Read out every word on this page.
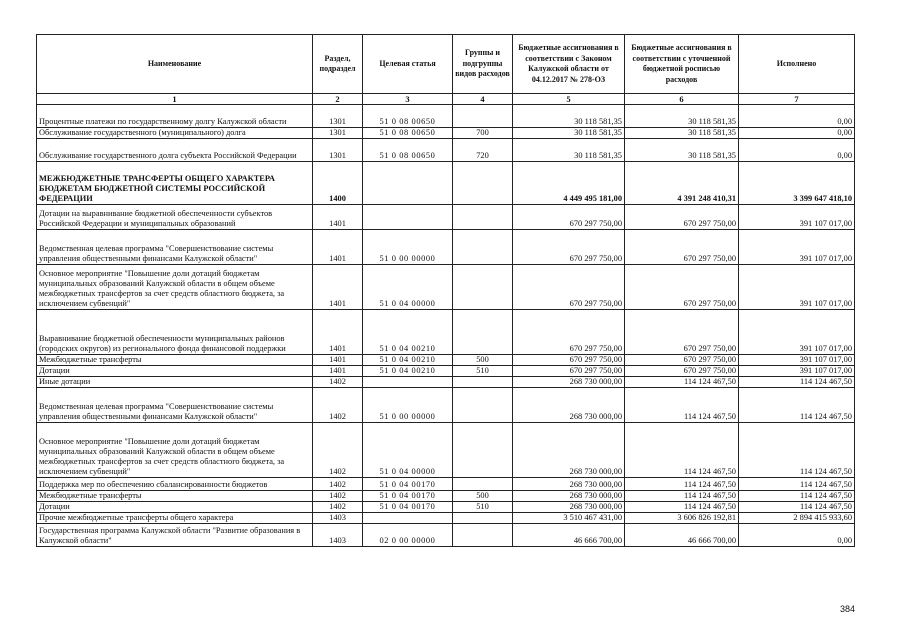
Наименование	Раздел, подраздел	Целевая статья	Группы и подгруппы видов расходов	Бюджетные ассигнования в соответствии с Законом Калужской области от 04.12.2017 № 278-ОЗ	Бюджетные ассигнования в соответствии с уточненной бюджетной росписью расходов	Исполнено
1	2	3	4	5	6	7
Процентные платежи по государственному долгу Калужской области	1301	51 0 08 00650		30 118 581,35	30 118 581,35	0,00
Обслуживание государственного (муниципального) долга	1301	51 0 08 00650	700	30 118 581,35	30 118 581,35	0,00
Обслуживание государственного долга субъекта Российской Федерации	1301	51 0 08 00650	720	30 118 581,35	30 118 581,35	0,00
МЕЖБЮДЖЕТНЫЕ ТРАНСФЕРТЫ ОБЩЕГО ХАРАКТЕРА БЮДЖЕТАМ БЮДЖЕТНОЙ СИСТЕМЫ РОССИЙСКОЙ ФЕДЕРАЦИИ	1400			4 449 495 181,00	4 391 248 410,31	3 399 647 418,10
Дотации на выравнивание бюджетной обеспеченности субъектов Российской Федерации и муниципальных образований	1401			670 297 750,00	670 297 750,00	391 107 017,00
Ведомственная целевая программа "Совершенствование системы управления общественными финансами Калужской области"	1401	51 0 00 00000		670 297 750,00	670 297 750,00	391 107 017,00
Основное мероприятие "Повышение доли дотаций бюджетам муниципальных образований Калужской области в общем объеме межбюджетных трансфертов за счет средств областного бюджета, за исключением субвенций"	1401	51 0 04 00000		670 297 750,00	670 297 750,00	391 107 017,00
Выравнивание бюджетной обеспеченности муниципальных районов (городских округов) из регионального фонда финансовой поддержки	1401	51 0 04 00210		670 297 750,00	670 297 750,00	391 107 017,00
Межбюджетные трансферты	1401	51 0 04 00210	500	670 297 750,00	670 297 750,00	391 107 017,00
Дотации	1401	51 0 04 00210	510	670 297 750,00	670 297 750,00	391 107 017,00
Иные дотации	1402			268 730 000,00	114 124 467,50	114 124 467,50
Ведомственная целевая программа "Совершенствование системы управления общественными финансами Калужской области"	1402	51 0 00 00000		268 730 000,00	114 124 467,50	114 124 467,50
Основное мероприятие "Повышение доли дотаций бюджетам муниципальных образований Калужской области в общем объеме межбюджетных трансфертов за счет средств областного бюджета, за исключением субвенций"	1402	51 0 04 00000		268 730 000,00	114 124 467,50	114 124 467,50
Поддержка мер по обеспечению сбалансированности бюджетов	1402	51 0 04 00170		268 730 000,00	114 124 467,50	114 124 467,50
Межбюджетные трансферты	1402	51 0 04 00170	500	268 730 000,00	114 124 467,50	114 124 467,50
Дотации	1402	51 0 04 00170	510	268 730 000,00	114 124 467,50	114 124 467,50
Прочие межбюджетные трансферты общего характера	1403			3 510 467 431,00	3 606 826 192,81	2 894 415 933,60
Государственная программа Калужской области "Развитие образования в Калужской области"	1403	02 0 00 00000		46 666 700,00	46 666 700,00	0,00
384
